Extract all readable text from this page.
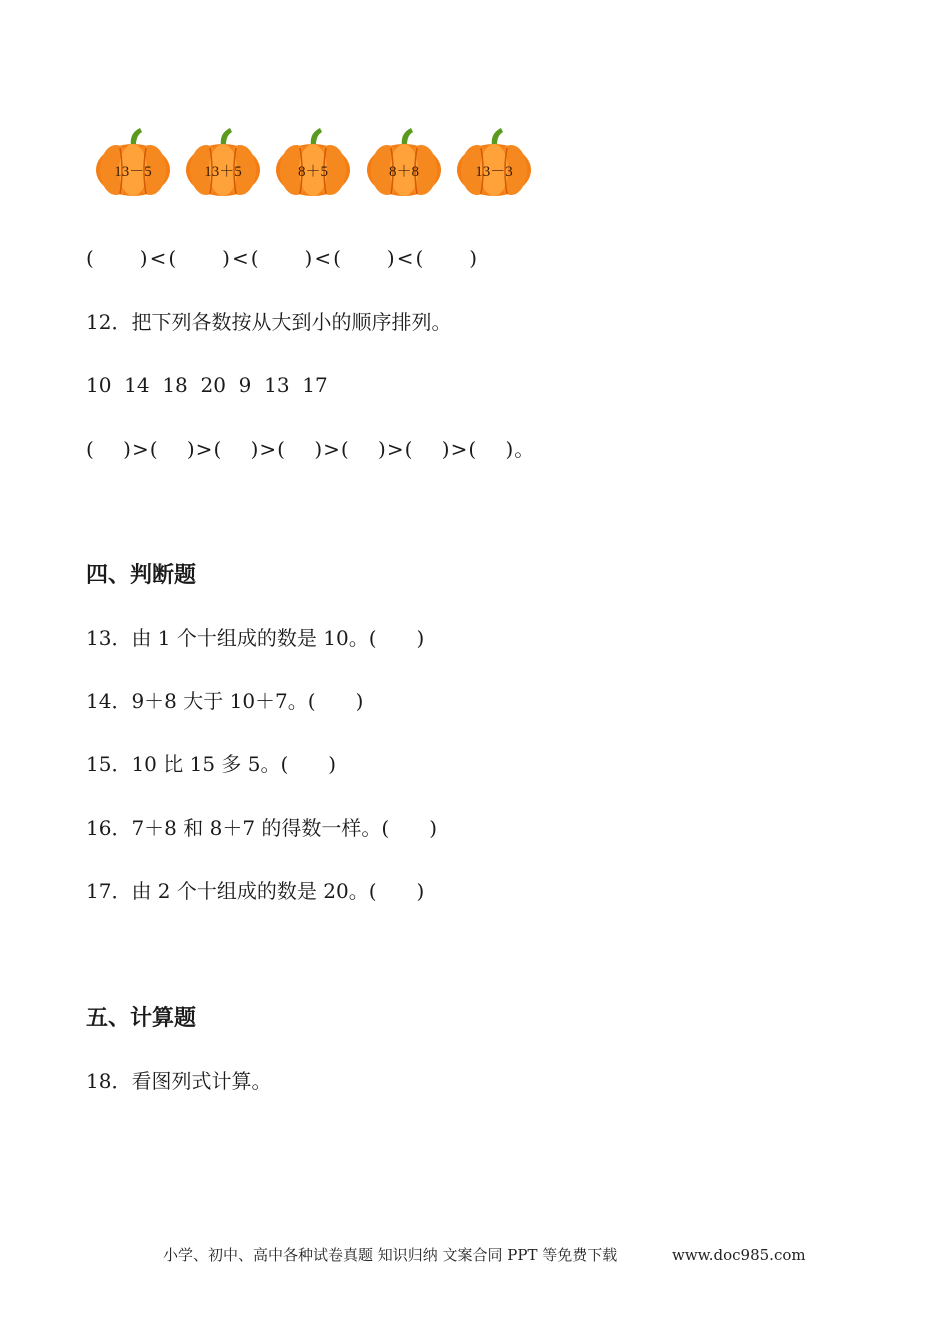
13－5	13＋5	8＋5	8＋8	13－3
(　　)<(　　)<(　　)<(　　)<(　　)
12．把下列各数按从大到小的顺序排列。
10  14  18  20  9  13  17
(　 )>(　 )>(　 )>(　 )>(　 )>(　 )>(　 )。
四、判断题
13．由 1 个十组成的数是 10。(　　)
14．9＋8 大于 10＋7。(　　)
15．10 比 15 多 5。(　　)
16．7＋8 和 8＋7 的得数一样。(　　)
17．由 2 个十组成的数是 20。(　　)
五、计算题
18．看图列式计算。
小学、初中、高中各种试卷真题 知识归纳 文案合同 PPT 等免费下载	www.doc985.com
